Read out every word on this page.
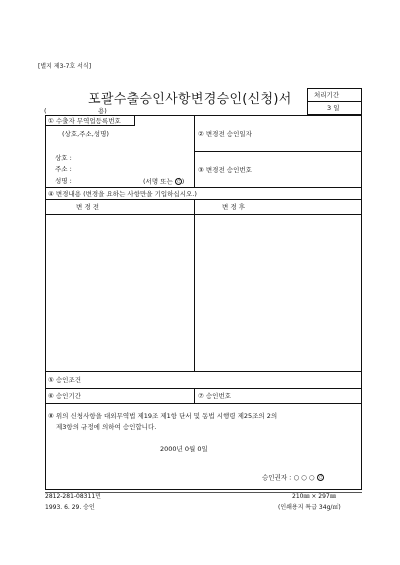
[별지 제3-7호 서식]
포괄수출승인사항변경승인(신청)서	처리기간
3 일
(	용)
① 수출자 무역업등록번호
(상호,주소,성명)
상호 :
주소 :
성명 :	(서명 또는 인)
② 변경전 승인일자
③ 변경전 승인번호
④ 변경내용 (변경을 요하는 사항만을 기입하십시오.)
변 경 전	변 경 후
⑤ 승인조건
⑥ 승인기간	⑦ 승인번호
⑧ 위의 신청사항을 대외무역법 제19조 제1항 단서 및 동법 시행령 제25조의 2의
제3항의 규정에 의하여 승인합니다.
2000년 0월 0일
승인권자 : ○ ○ ○ 인
2812-281-08311민
1993. 6. 29. 승인
210㎜ × 297㎜
(인쇄용지 특급 34g/㎡)
